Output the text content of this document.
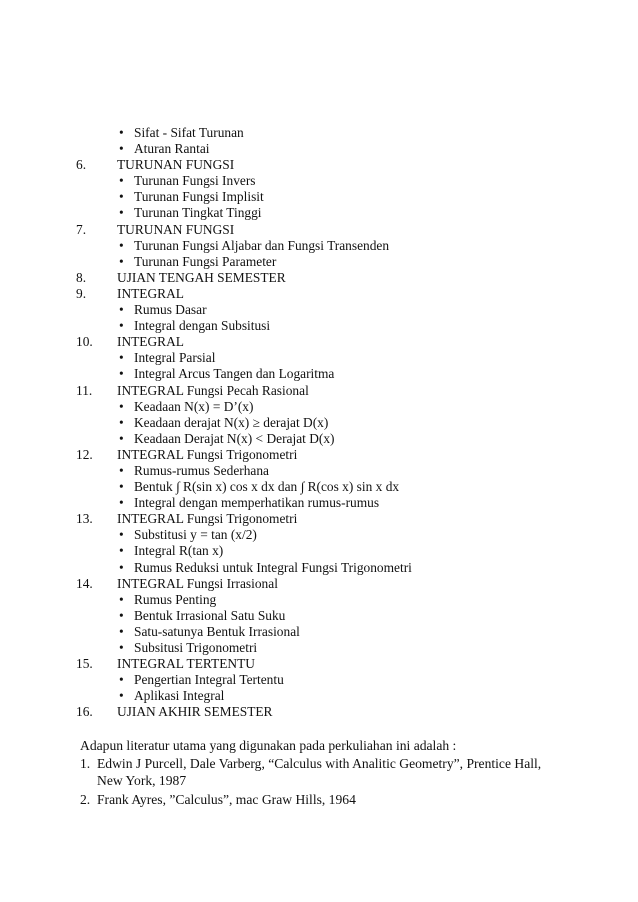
• Sifat - Sifat Turunan
• Aturan Rantai
6. TURUNAN FUNGSI
• Turunan Fungsi Invers
• Turunan Fungsi Implisit
• Turunan Tingkat Tinggi
7. TURUNAN FUNGSI
• Turunan Fungsi Aljabar dan Fungsi Transenden
• Turunan Fungsi Parameter
8. UJIAN TENGAH SEMESTER
9. INTEGRAL
• Rumus Dasar
• Integral dengan Subsitusi
10. INTEGRAL
• Integral Parsial
• Integral Arcus Tangen dan Logaritma
11. INTEGRAL Fungsi Pecah Rasional
• Keadaan N(x) = D’(x)
• Keadaan derajat N(x) ≥ derajat D(x)
• Keadaan Derajat N(x) < Derajat D(x)
12. INTEGRAL Fungsi Trigonometri
• Rumus-rumus Sederhana
• Bentuk ∫ R(sin x) cos x dx dan ∫ R(cos x) sin x dx
• Integral dengan memperhatikan rumus-rumus
13. INTEGRAL Fungsi Trigonometri
• Substitusi y = tan (x/2)
• Integral R(tan x)
• Rumus Reduksi untuk Integral Fungsi Trigonometri
14. INTEGRAL Fungsi Irrasional
• Rumus Penting
• Bentuk Irrasional Satu Suku
• Satu-satunya Bentuk Irrasional
• Subsitusi Trigonometri
15. INTEGRAL TERTENTU
• Pengertian Integral Tertentu
• Aplikasi Integral
16. UJIAN AKHIR SEMESTER
Adapun literatur utama yang digunakan pada perkuliahan ini adalah :
1. Edwin J Purcell, Dale Varberg, “Calculus with Analitic Geometry”, Prentice Hall, New York, 1987
2. Frank Ayres, ”Calculus”, mac Graw Hills, 1964
